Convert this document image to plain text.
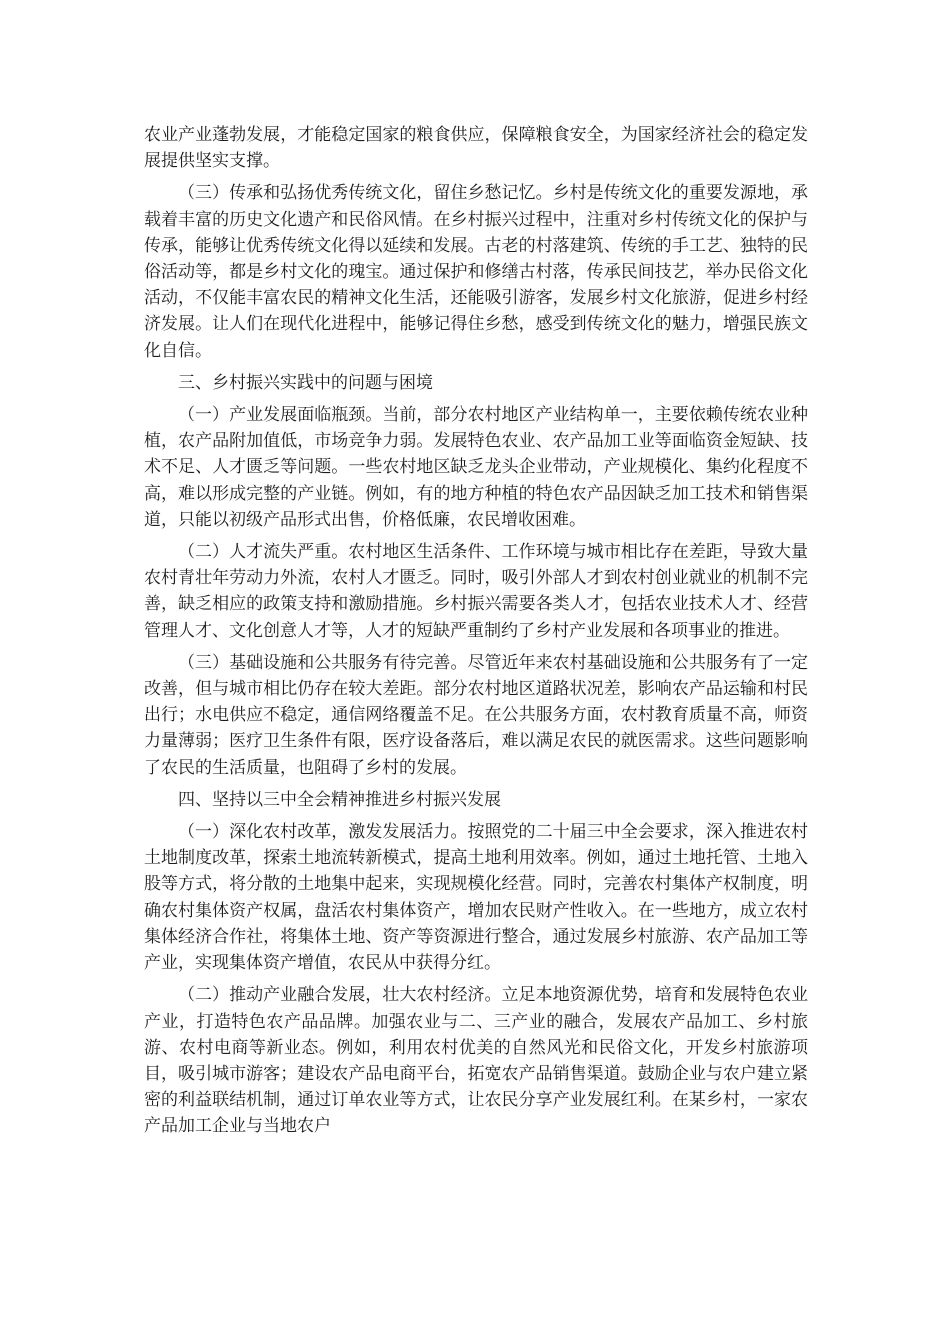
农业产业蓬勃发展，才能稳定国家的粮食供应，保障粮食安全，为国家经济社会的稳定发展提供坚实支撑。

（三）传承和弘扬优秀传统文化，留住乡愁记忆。乡村是传统文化的重要发源地，承载着丰富的历史文化遗产和民俗风情。在乡村振兴过程中，注重对乡村传统文化的保护与传承，能够让优秀传统文化得以延续和发展。古老的村落建筑、传统的手工艺、独特的民俗活动等，都是乡村文化的瑰宝。通过保护和修缮古村落，传承民间技艺，举办民俗文化活动，不仅能丰富农民的精神文化生活，还能吸引游客，发展乡村文化旅游，促进乡村经济发展。让人们在现代化进程中，能够记得住乡愁，感受到传统文化的魅力，增强民族文化自信。

三、乡村振兴实践中的问题与困境

（一）产业发展面临瓶颈。当前，部分农村地区产业结构单一，主要依赖传统农业种植，农产品附加值低，市场竞争力弱。发展特色农业、农产品加工业等面临资金短缺、技术不足、人才匮乏等问题。一些农村地区缺乏龙头企业带动，产业规模化、集约化程度不高，难以形成完整的产业链。例如，有的地方种植的特色农产品因缺乏加工技术和销售渠道，只能以初级产品形式出售，价格低廉，农民增收困难。

（二）人才流失严重。农村地区生活条件、工作环境与城市相比存在差距，导致大量农村青壮年劳动力外流，农村人才匮乏。同时，吸引外部人才到农村创业就业的机制不完善，缺乏相应的政策支持和激励措施。乡村振兴需要各类人才，包括农业技术人才、经营管理人才、文化创意人才等，人才的短缺严重制约了乡村产业发展和各项事业的推进。

（三）基础设施和公共服务有待完善。尽管近年来农村基础设施和公共服务有了一定改善，但与城市相比仍存在较大差距。部分农村地区道路状况差，影响农产品运输和村民出行；水电供应不稳定，通信网络覆盖不足。在公共服务方面，农村教育质量不高，师资力量薄弱；医疗卫生条件有限，医疗设备落后，难以满足农民的就医需求。这些问题影响了农民的生活质量，也阻碍了乡村的发展。

四、坚持以三中全会精神推进乡村振兴发展

（一）深化农村改革，激发发展活力。按照党的二十届三中全会要求，深入推进农村土地制度改革，探索土地流转新模式，提高土地利用效率。例如，通过土地托管、土地入股等方式，将分散的土地集中起来，实现规模化经营。同时，完善农村集体产权制度，明确农村集体资产权属，盘活农村集体资产，增加农民财产性收入。在一些地方，成立农村集体经济合作社，将集体土地、资产等资源进行整合，通过发展乡村旅游、农产品加工等产业，实现集体资产增值，农民从中获得分红。

（二）推动产业融合发展，壮大农村经济。立足本地资源优势，培育和发展特色农业产业，打造特色农产品品牌。加强农业与二、三产业的融合，发展农产品加工、乡村旅游、农村电商等新业态。例如，利用农村优美的自然风光和民俗文化，开发乡村旅游项目，吸引城市游客；建设农产品电商平台，拓宽农产品销售渠道。鼓励企业与农户建立紧密的利益联结机制，通过订单农业等方式，让农民分享产业发展红利。在某乡村，一家农产品加工企业与当地农户
